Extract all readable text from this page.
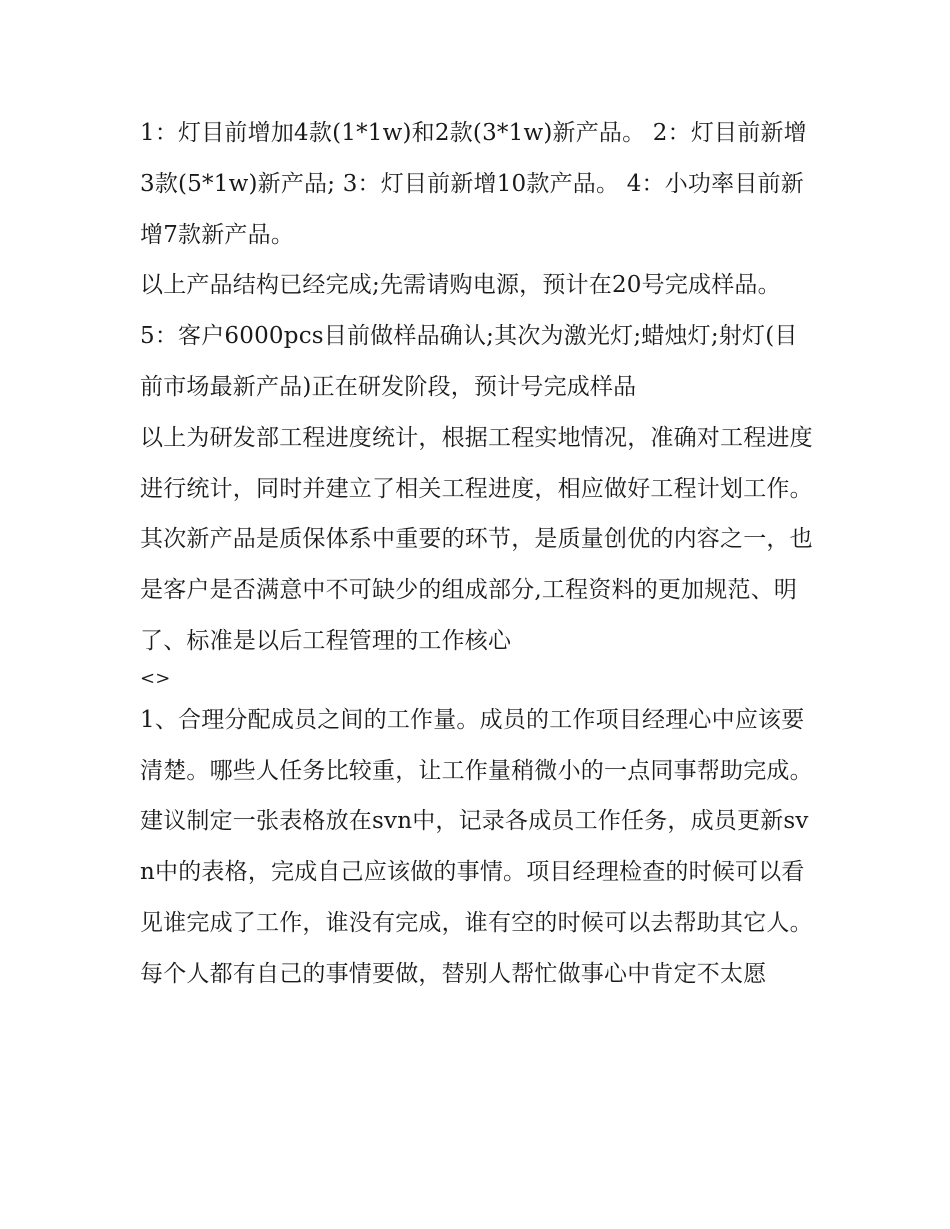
1：灯目前增加4款(1*1w)和2款(3*1w)新产品。 2：灯目前新增3款(5*1w)新产品; 3：灯目前新增10款产品。 4：小功率目前新增7款新产品。

以上产品结构已经完成;先需请购电源，预计在20号完成样品。

5：客户6000pcs目前做样品确认;其次为激光灯;蜡烛灯;射灯(目前市场最新产品)正在研发阶段，预计号完成样品

以上为研发部工程进度统计，根据工程实地情况，准确对工程进度进行统计，同时并建立了相关工程进度，相应做好工程计划工作。其次新产品是质保体系中重要的环节，是质量创优的内容之一，也是客户是否满意中不可缺少的组成部分,工程资料的更加规范、明了、标准是以后工程管理的工作核心

<>

1、合理分配成员之间的工作量。成员的工作项目经理心中应该要清楚。哪些人任务比较重，让工作量稍微小的一点同事帮助完成。建议制定一张表格放在svn中，记录各成员工作任务，成员更新svn中的表格，完成自己应该做的事情。项目经理检查的时候可以看见谁完成了工作，谁没有完成，谁有空的时候可以去帮助其它人。

每个人都有自己的事情要做，替别人帮忙做事心中肯定不太愿
